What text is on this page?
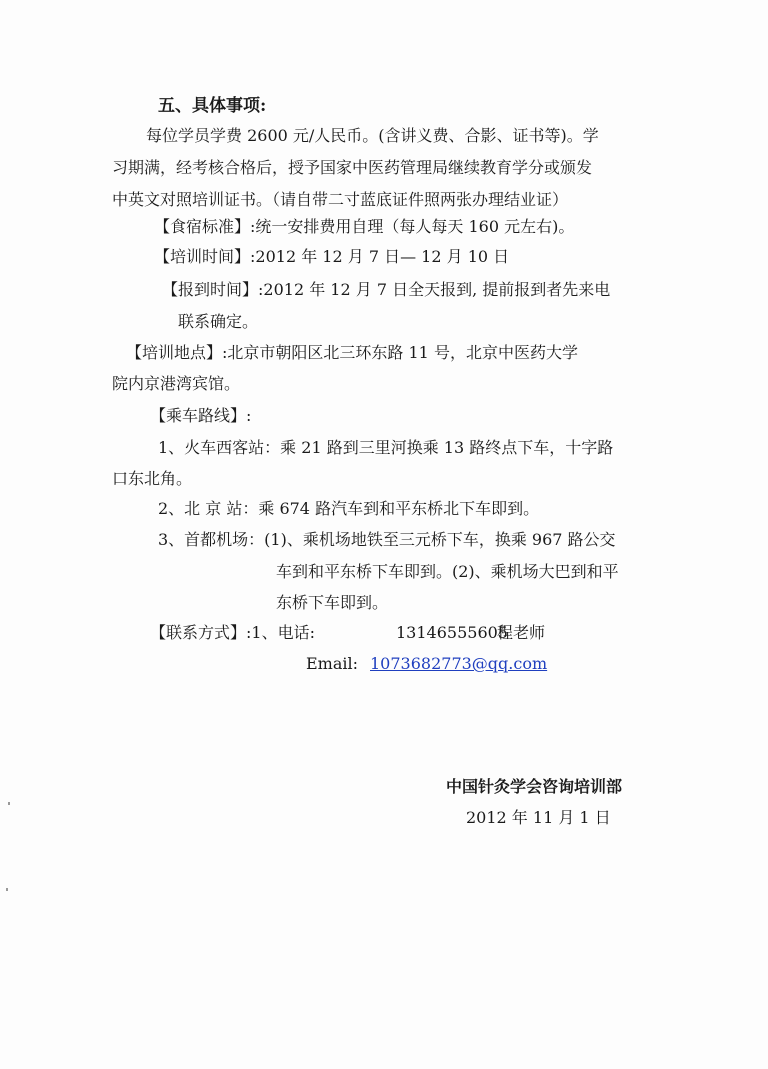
五、具体事项:
每位学员学费 2600 元/人民币。(含讲义费、合影、证书等)。学
习期满，经考核合格后，授予国家中医药管理局继续教育学分或颁发
中英文对照培训证书。（请自带二寸蓝底证件照两张办理结业证）
【食宿标准】:统一安排费用自理（每人每天 160 元左右)。
【培训时间】:2012 年 12 月 7 日— 12 月 10 日
【报到时间】:2012 年 12 月 7 日全天报到, 提前报到者先来电
联系确定。
【培训地点】:北京市朝阳区北三环东路 11 号，北京中医药大学
院内京港湾宾馆。
【乘车路线】:
1、火车西客站：乘 21 路到三里河换乘 13 路终点下车，十字路
口东北角。
2、北 京 站：乘 674 路汽车到和平东桥北下车即到。
3、首都机场：(1)、乘机场地铁至三元桥下车，换乘 967 路公交
车到和平东桥下车即到。(2)、乘机场大巴到和平
东桥下车即到。
【联系方式】:1、电话:	13146555605
程老师
Email: 1073682773@qq.com
中国针灸学会咨询培训部
2012 年 11 月 1 日
